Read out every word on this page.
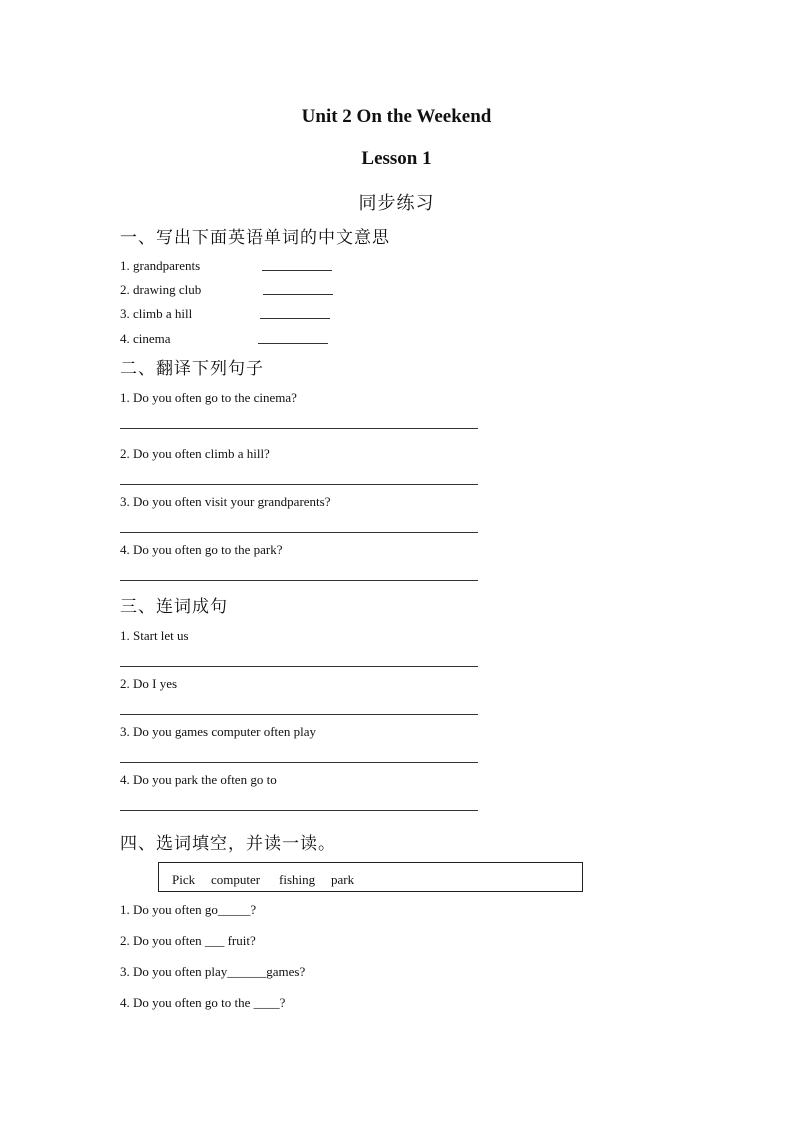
Unit 2 On the Weekend
Lesson 1
同步练习
一、写出下面英语单词的中文意思
1. grandparents
2. drawing club
3. climb a hill
4. cinema
二、翻译下列句子
1. Do you often go to the cinema?
2. Do you often climb a hill?
3. Do you often visit your grandparents?
4. Do you often go to the park?
三、连词成句
1. Start let us
2. Do I yes
3. Do you games computer often play
4. Do you park the often go to
四、选词填空，并读一读。
Pick computer fishing park
1. Do you often go_____?
2. Do you often ___ fruit?
3. Do you often play______games?
4. Do you often go to the ____?
